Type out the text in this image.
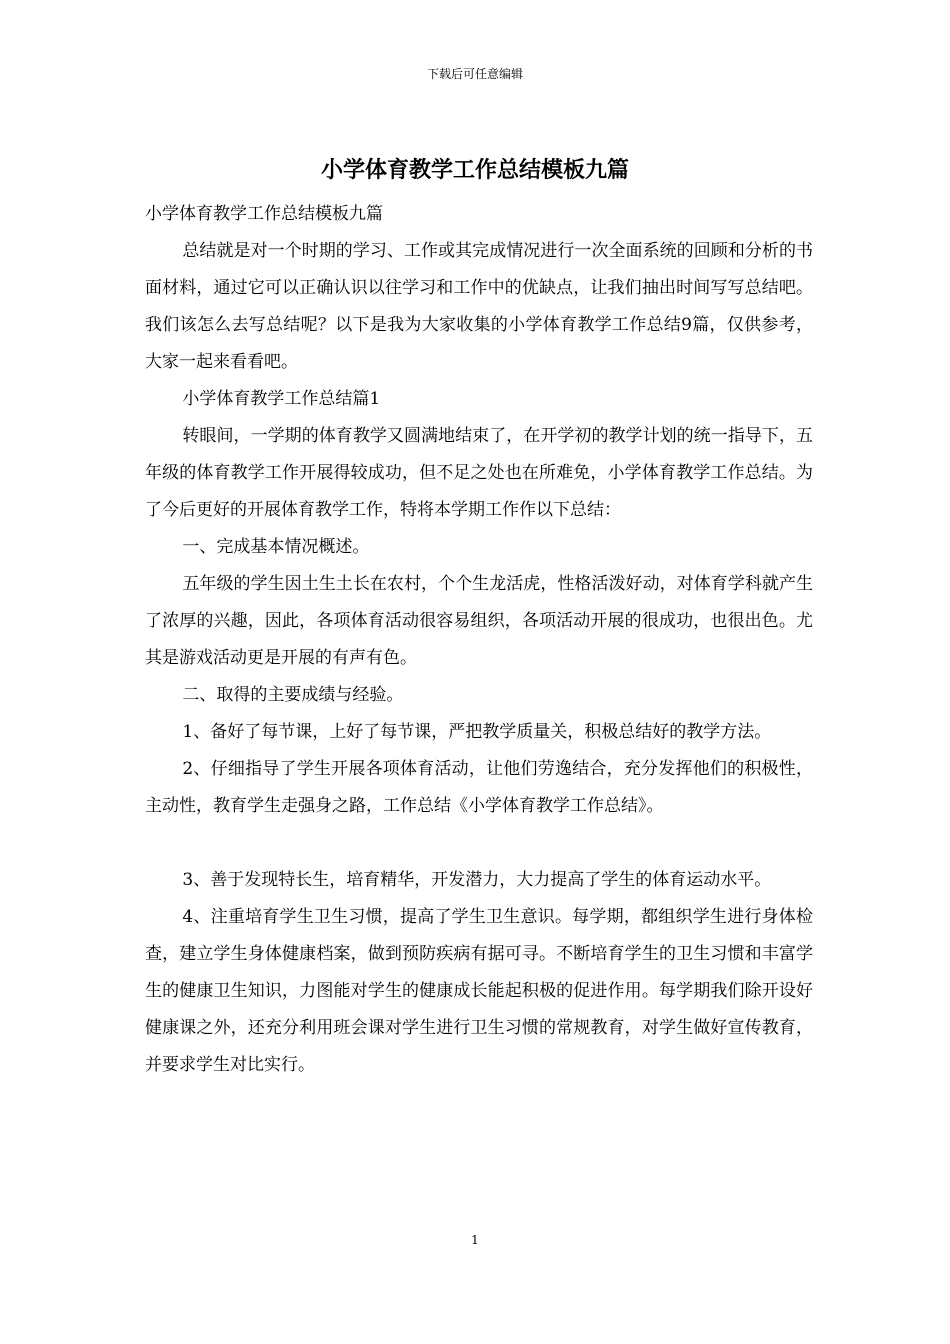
下载后可任意编辑
小学体育教学工作总结模板九篇

小学体育教学工作总结模板九篇

总结就是对一个时期的学习、工作或其完成情况进行一次全面系统的回顾和分析的书面材料，通过它可以正确认识以往学习和工作中的优缺点，让我们抽出时间写写总结吧。我们该怎么去写总结呢？以下是我为大家收集的小学体育教学工作总结9篇，仅供参考，大家一起来看看吧。

小学体育教学工作总结篇1

转眼间，一学期的体育教学又圆满地结束了，在开学初的教学计划的统一指导下，五年级的体育教学工作开展得较成功，但不足之处也在所难免，小学体育教学工作总结。为了今后更好的开展体育教学工作，特将本学期工作作以下总结：

一、完成基本情况概述。

五年级的学生因土生土长在农村，个个生龙活虎，性格活泼好动，对体育学科就产生了浓厚的兴趣，因此，各项体育活动很容易组织，各项活动开展的很成功，也很出色。尤其是游戏活动更是开展的有声有色。

二、取得的主要成绩与经验。

1、备好了每节课，上好了每节课，严把教学质量关，积极总结好的教学方法。

2、仔细指导了学生开展各项体育活动，让他们劳逸结合，充分发挥他们的积极性，主动性，教育学生走强身之路，工作总结《小学体育教学工作总结》。

3、善于发现特长生，培育精华，开发潜力，大力提高了学生的体育运动水平。

4、注重培育学生卫生习惯，提高了学生卫生意识。每学期，都组织学生进行身体检查，建立学生身体健康档案，做到预防疾病有据可寻。不断培育学生的卫生习惯和丰富学生的健康卫生知识，力图能对学生的健康成长能起积极的促进作用。每学期我们除开设好健康课之外，还充分利用班会课对学生进行卫生习惯的常规教育，对学生做好宣传教育，并要求学生对比实行。

1
